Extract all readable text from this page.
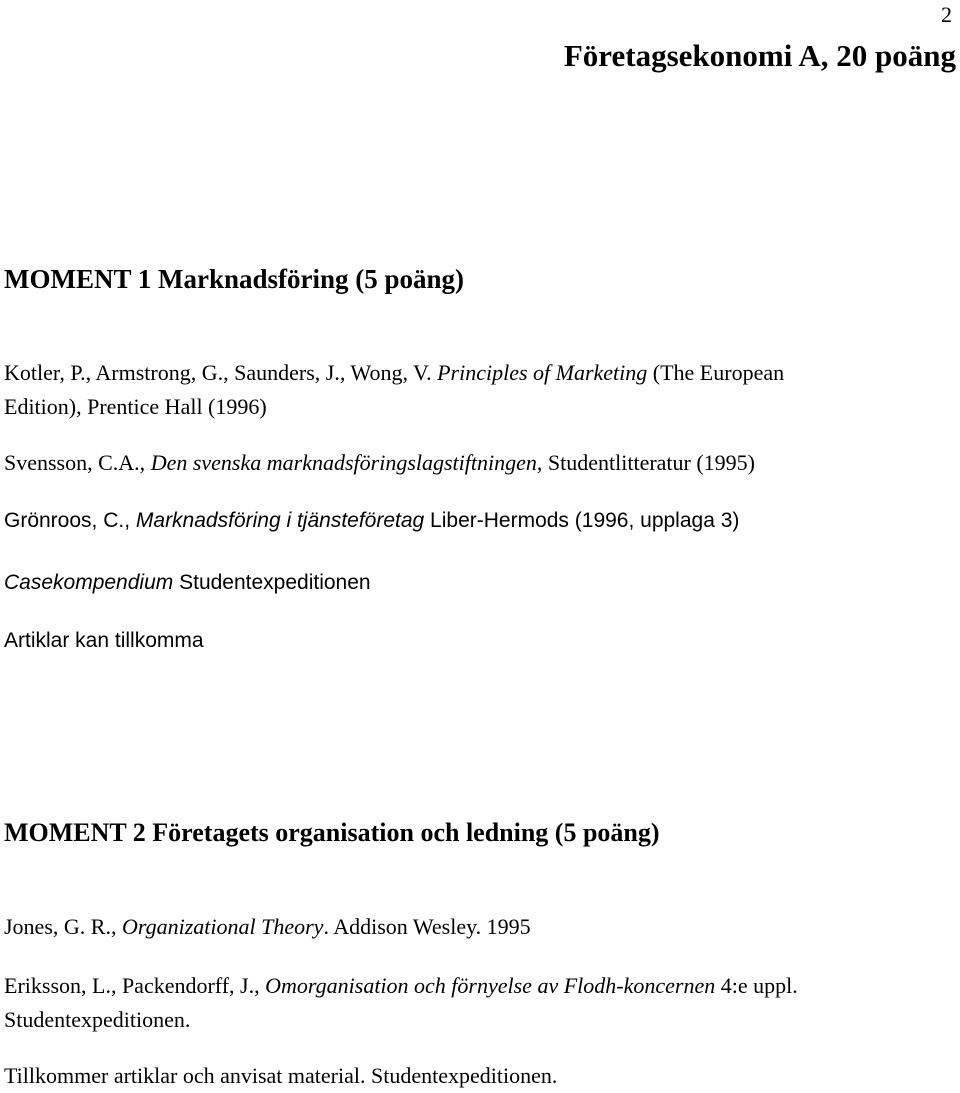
2
Företagsekonomi A, 20 poäng
MOMENT 1 Marknadsföring (5 poäng)
Kotler, P., Armstrong, G., Saunders, J., Wong, V. Principles of Marketing (The European
Edition), Prentice Hall (1996)
Svensson, C.A., Den svenska marknadsföringslagstiftningen, Studentlitteratur (1995)
Grönroos, C., Marknadsföring i tjänsteföretag Liber-Hermods (1996, upplaga 3)
Casekompendium Studentexpeditionen
Artiklar kan tillkomma
MOMENT 2 Företagets organisation och ledning (5 poäng)
Jones, G. R., Organizational Theory. Addison Wesley. 1995
Eriksson, L., Packendorff, J., Omorganisation och förnyelse av Flodh-koncernen 4:e uppl.
Studentexpeditionen.
Tillkommer artiklar och anvisat material. Studentexpeditionen.
